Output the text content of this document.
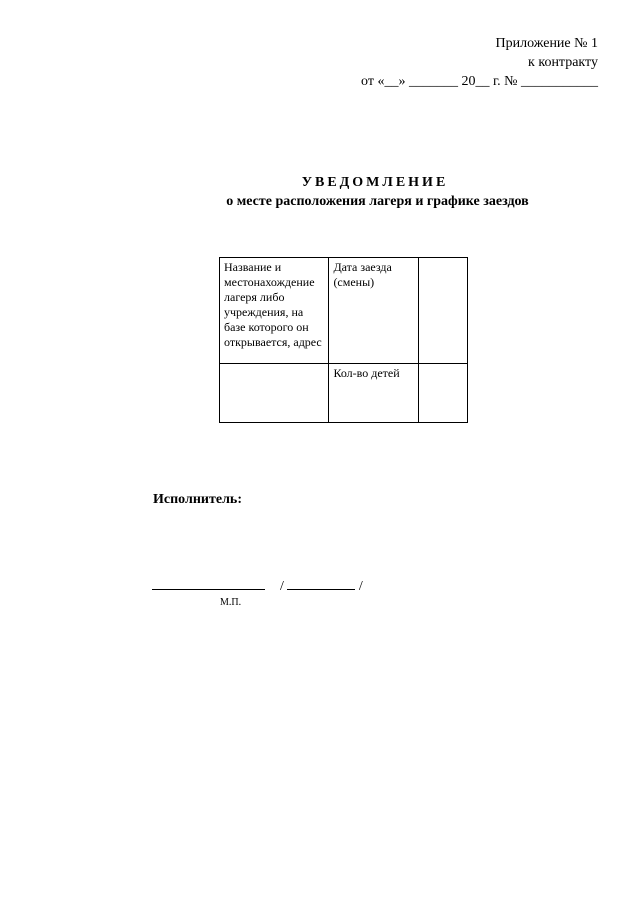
Приложение № 1
к контракту
от «__» _______ 20__ г. № ___________
УВЕДОМЛЕНИЕ
о месте расположения лагеря и графике заездов
Название и местонахождение лагеря либо учреждения, на базе которого он открывается, адрес	Дата заезда (смены)	
	Кол-во детей	
Исполнитель:
/	/
М.П.
